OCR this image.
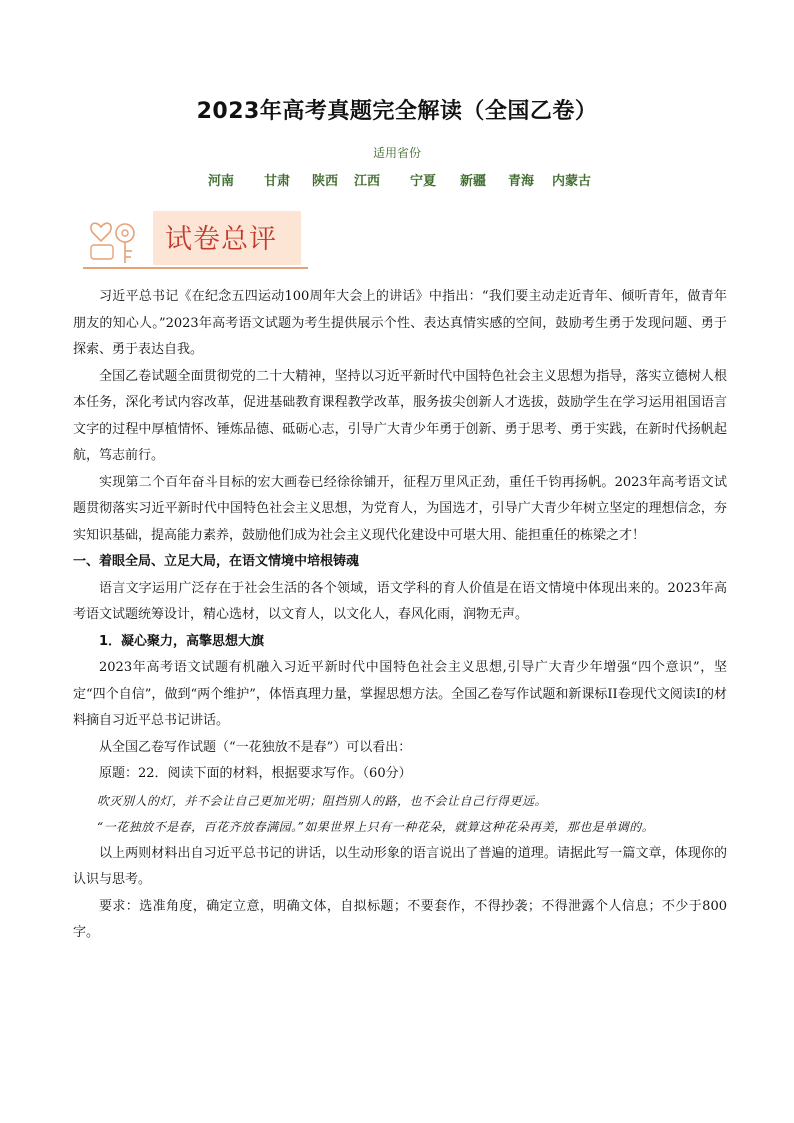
2023年高考真题完全解读（全国乙卷）
适用省份
河南 甘肃 陕西 江西 宁夏 新疆 青海 内蒙古
试卷总评

习近平总书记《在纪念五四运动100周年大会上的讲话》中指出：“我们要主动走近青年、倾听青年，做青年朋友的知心人。”2023年高考语文试题为考生提供展示个性、表达真情实感的空间，鼓励考生勇于发现问题、勇于探索、勇于表达自我。

全国乙卷试题全面贯彻党的二十大精神，坚持以习近平新时代中国特色社会主义思想为指导，落实立德树人根本任务，深化考试内容改革，促进基础教育课程教学改革，服务拔尖创新人才选拔，鼓励学生在学习运用祖国语言文字的过程中厚植情怀、锤炼品德、砥砺心志，引导广大青少年勇于创新、勇于思考、勇于实践，在新时代扬帆起航，笃志前行。

实现第二个百年奋斗目标的宏大画卷已经徐徐铺开，征程万里风正劲，重任千钧再扬帆。2023年高考语文试题贯彻落实习近平新时代中国特色社会主义思想，为党育人，为国选才，引导广大青少年树立坚定的理想信念，夯实知识基础，提高能力素养，鼓励他们成为社会主义现代化建设中可堪大用、能担重任的栋梁之才！

一、着眼全局、立足大局，在语文情境中培根铸魂

语言文字运用广泛存在于社会生活的各个领域，语文学科的育人价值是在语文情境中体现出来的。2023年高考语文试题统筹设计，精心选材，以文育人，以文化人，春风化雨，润物无声。

1．凝心聚力，高擎思想大旗

2023年高考语文试题有机融入习近平新时代中国特色社会主义思想,引导广大青少年增强“四个意识”，坚定“四个自信”，做到“两个维护”，体悟真理力量，掌握思想方法。全国乙卷写作试题和新课标II卷现代文阅读I的材料摘自习近平总书记讲话。

从全国乙卷写作试题（“一花独放不是春”）可以看出：

原题：22．阅读下面的材料，根据要求写作。（60分）

吹灭别人的灯，并不会让自己更加光明；阻挡别人的路，也不会让自己行得更远。

“一花独放不是春，百花齐放春满园。”如果世界上只有一种花朵，就算这种花朵再美，那也是单调的。

以上两则材料出自习近平总书记的讲话，以生动形象的语言说出了普遍的道理。请据此写一篇文章，体现你的认识与思考。

要求：选准角度，确定立意，明确文体，自拟标题；不要套作，不得抄袭；不得泄露个人信息；不少于800字。
